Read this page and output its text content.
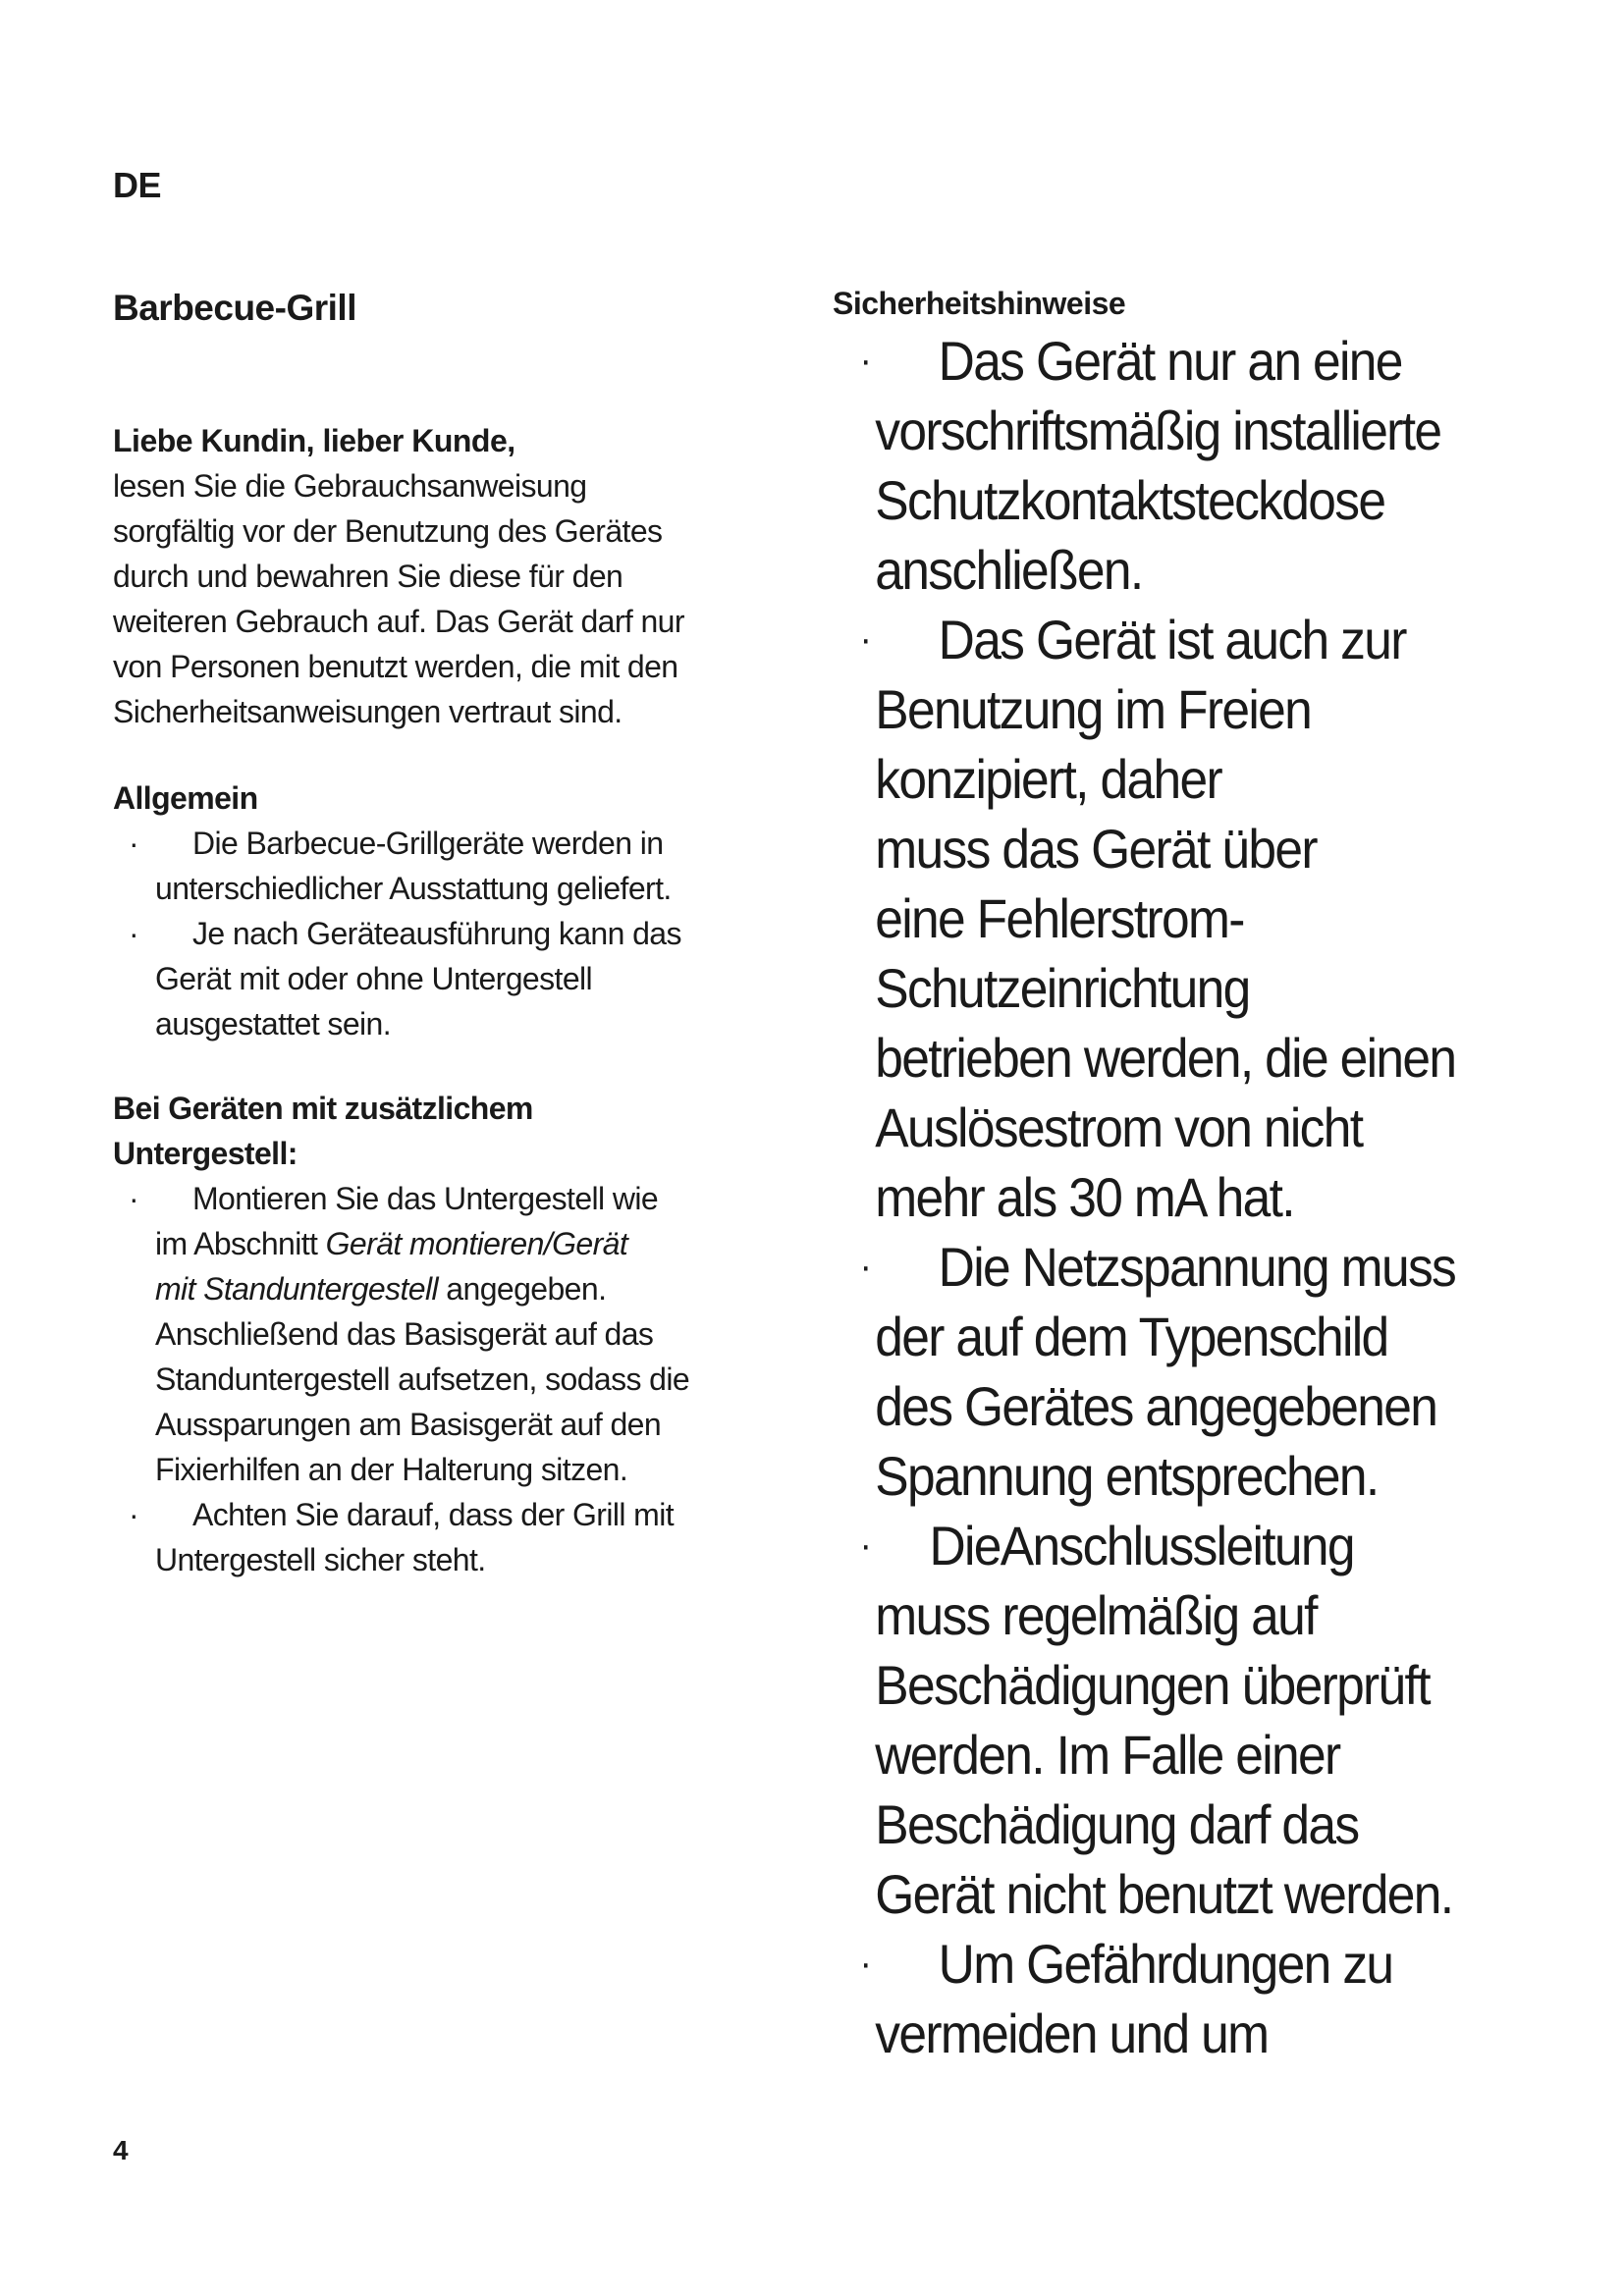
DE
Barbecue-Grill
Liebe Kundin, lieber Kunde,
lesen Sie die Gebrauchsanweisung
sorgfältig vor der Benutzung des Gerätes
durch und bewahren Sie diese für den
weiteren Gebrauch auf. Das Gerät darf nur
von Personen benutzt werden, die mit den
Sicherheitsanweisungen vertraut sind.
Allgemein
·	Die Barbecue-Grillgeräte werden in
unterschiedlicher Ausstattung geliefert.
·	Je nach Geräteausführung kann das
Gerät mit oder ohne Untergestell
ausgestattet sein.
Bei Geräten mit zusätzlichem
Untergestell:
·	Montieren Sie das Untergestell wie
im Abschnitt Gerät montieren/Gerät
mit Standuntergestell angegeben.
Anschließend das Basisgerät auf das
Standuntergestell aufsetzen, sodass die
Aussparungen am Basisgerät auf den
Fixierhilfen an der Halterung sitzen.
·	Achten Sie darauf, dass der Grill mit
Untergestell sicher steht.
Sicherheitshinweise
·	Das Gerät nur an eine
vorschriftsmäßig installierte
Schutzkontaktsteckdose
anschließen.
·	Das Gerät ist auch zur
Benutzung im Freien
konzipiert, daher
muss das Gerät über
eine Fehlerstrom-
Schutzeinrichtung
betrieben werden, die einen
Auslösestrom von nicht
mehr als 30 mA hat.
·	Die Netzspannung muss
der auf dem Typenschild
des Gerätes angegebenen
Spannung entsprechen.
·	DieAnschlussleitung
muss regelmäßig auf
Beschädigungen überprüft
werden. Im Falle einer
Beschädigung darf das
Gerät nicht benutzt werden.
·	Um Gefährdungen zu
vermeiden und um
4
